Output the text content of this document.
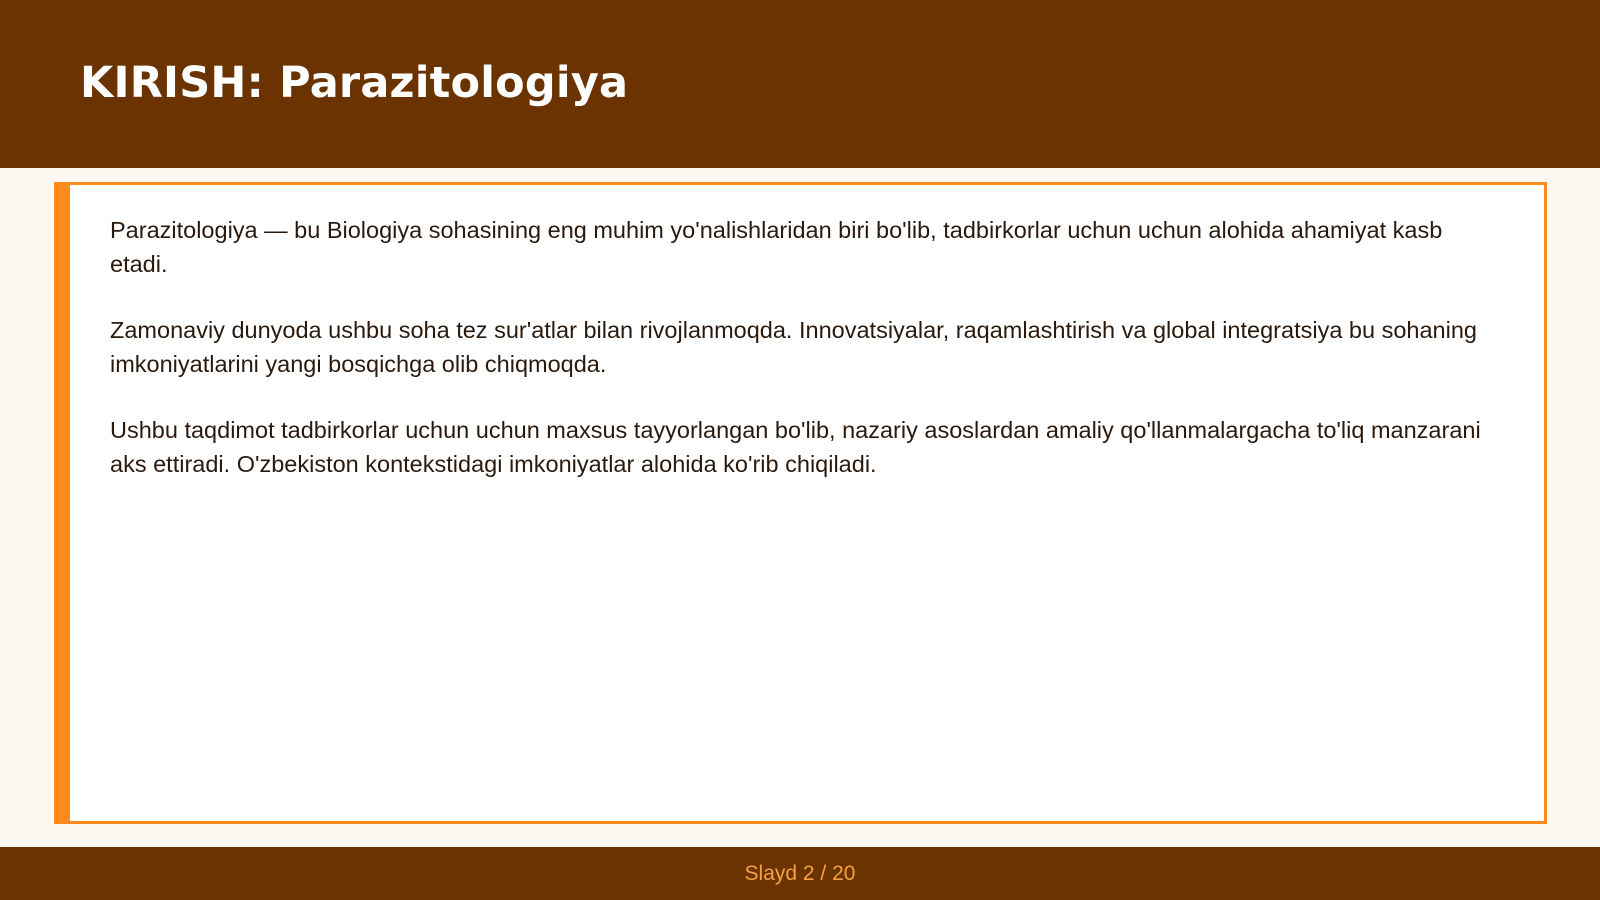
KIRISH: Parazitologiya

Parazitologiya — bu Biologiya sohasining eng muhim yo'nalishlaridan biri bo'lib, tadbirkorlar uchun uchun alohida ahamiyat kasb etadi.

Zamonaviy dunyoda ushbu soha tez sur'atlar bilan rivojlanmoqda. Innovatsiyalar, raqamlashtirish va global integratsiya bu sohaning imkoniyatlarini yangi bosqichga olib chiqmoqda.

Ushbu taqdimot tadbirkorlar uchun uchun maxsus tayyorlangan bo'lib, nazariy asoslardan amaliy qo'llanmalargacha to'liq manzarani aks ettiradi. O'zbekiston kontekstidagi imkoniyatlar alohida ko'rib chiqiladi.

Slayd 2 / 20
